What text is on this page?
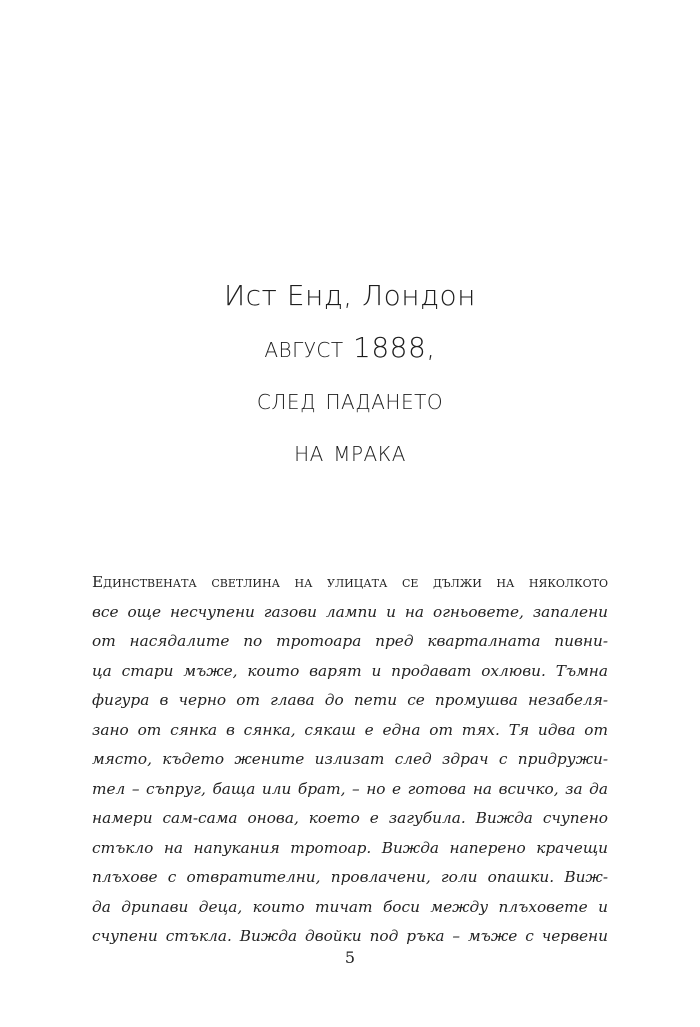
Ист Енд, Лондон
август 1888,
след падането
на мрака
Единствената светлина на улицата се дължи на няколкото
все още несчупени газови лампи и на огньовете, запалени
от насядалите по тротоара пред кварталната пивни-
ца стари мъже, които варят и продават охлюви. Тъмна
фигура в черно от глава до пети се промушва незабеля-
зано от сянка в сянка, сякаш е една от тях. Тя идва от
място, където жените излизат след здрач с придружи-
тел – съпруг, баща или брат, – но е готова на всичко, за да
намери сам-сама онова, което е загубила. Вижда счупено
стъкло на напукания тротоар. Вижда наперено крачещи
плъхове с отвратителни, провлачени, голи опашки. Виж-
да дрипави деца, които тичат боси между плъховете и
счупени стъкла. Вижда двойки под ръка – мъже с червени
5
